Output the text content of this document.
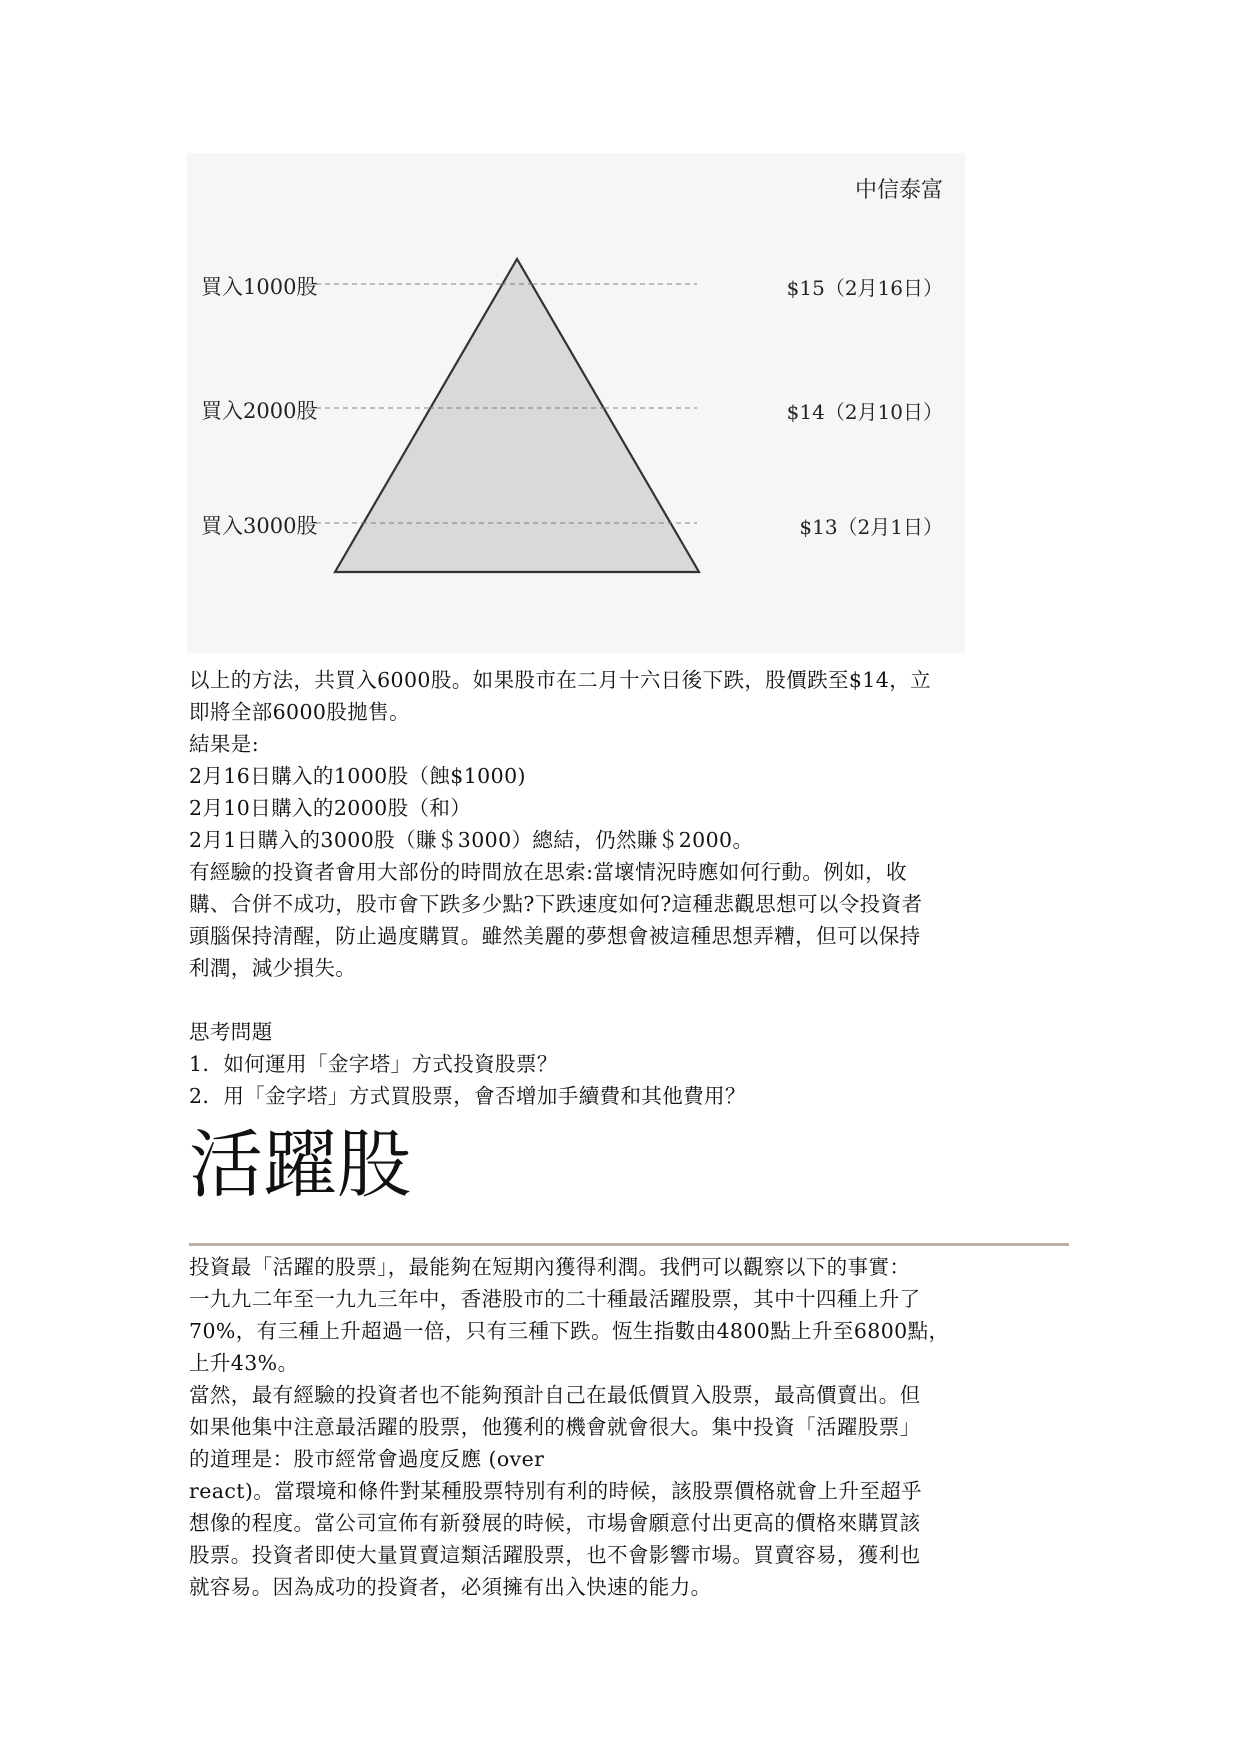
中信泰富
買入1000股
買入2000股
買入3000股
$15（2月16日）
$14（2月10日）
$13（2月1日）
以上的方法，共買入6000股。如果股市在二月十六日後下跌，股價跌至$14，立
即將全部6000股拋售。
結果是:
2月16日購入的1000股（蝕$1000)
2月10日購入的2000股（和）
2月1日購入的3000股（賺＄3000）總結，仍然賺＄2000。
有經驗的投資者會用大部份的時間放在思索:當壞情況時應如何行動。例如，收
購、合併不成功，股市會下跌多少點?下跌速度如何?這種悲觀思想可以令投資者
頭腦保持清醒，防止過度購買。雖然美麗的夢想會被這種思想弄糟，但可以保持
利潤，減少損失。
思考問題
1．如何運用「金字塔」方式投資股票？
2．用「金字塔」方式買股票，會否增加手續費和其他費用？
活躍股
投資最「活躍的股票」，最能夠在短期內獲得利潤。我們可以觀察以下的事實：
一九九二年至一九九三年中，香港股市的二十種最活躍股票，其中十四種上升了
70%，有三種上升超過一倍，只有三種下跌。恆生指數由4800點上升至6800點，
上升43%。
當然，最有經驗的投資者也不能夠預計自己在最低價買入股票，最高價賣出。但
如果他集中注意最活躍的股票，他獲利的機會就會很大。集中投資「活躍股票」
的道理是：股市經常會過度反應 (over
react)。當環境和條件對某種股票特別有利的時候，該股票價格就會上升至超乎
想像的程度。當公司宣佈有新發展的時候，市場會願意付出更高的價格來購買該
股票。投資者即使大量買賣這類活躍股票，也不會影響市場。買賣容易，獲利也
就容易。因為成功的投資者，必須擁有出入快速的能力。
